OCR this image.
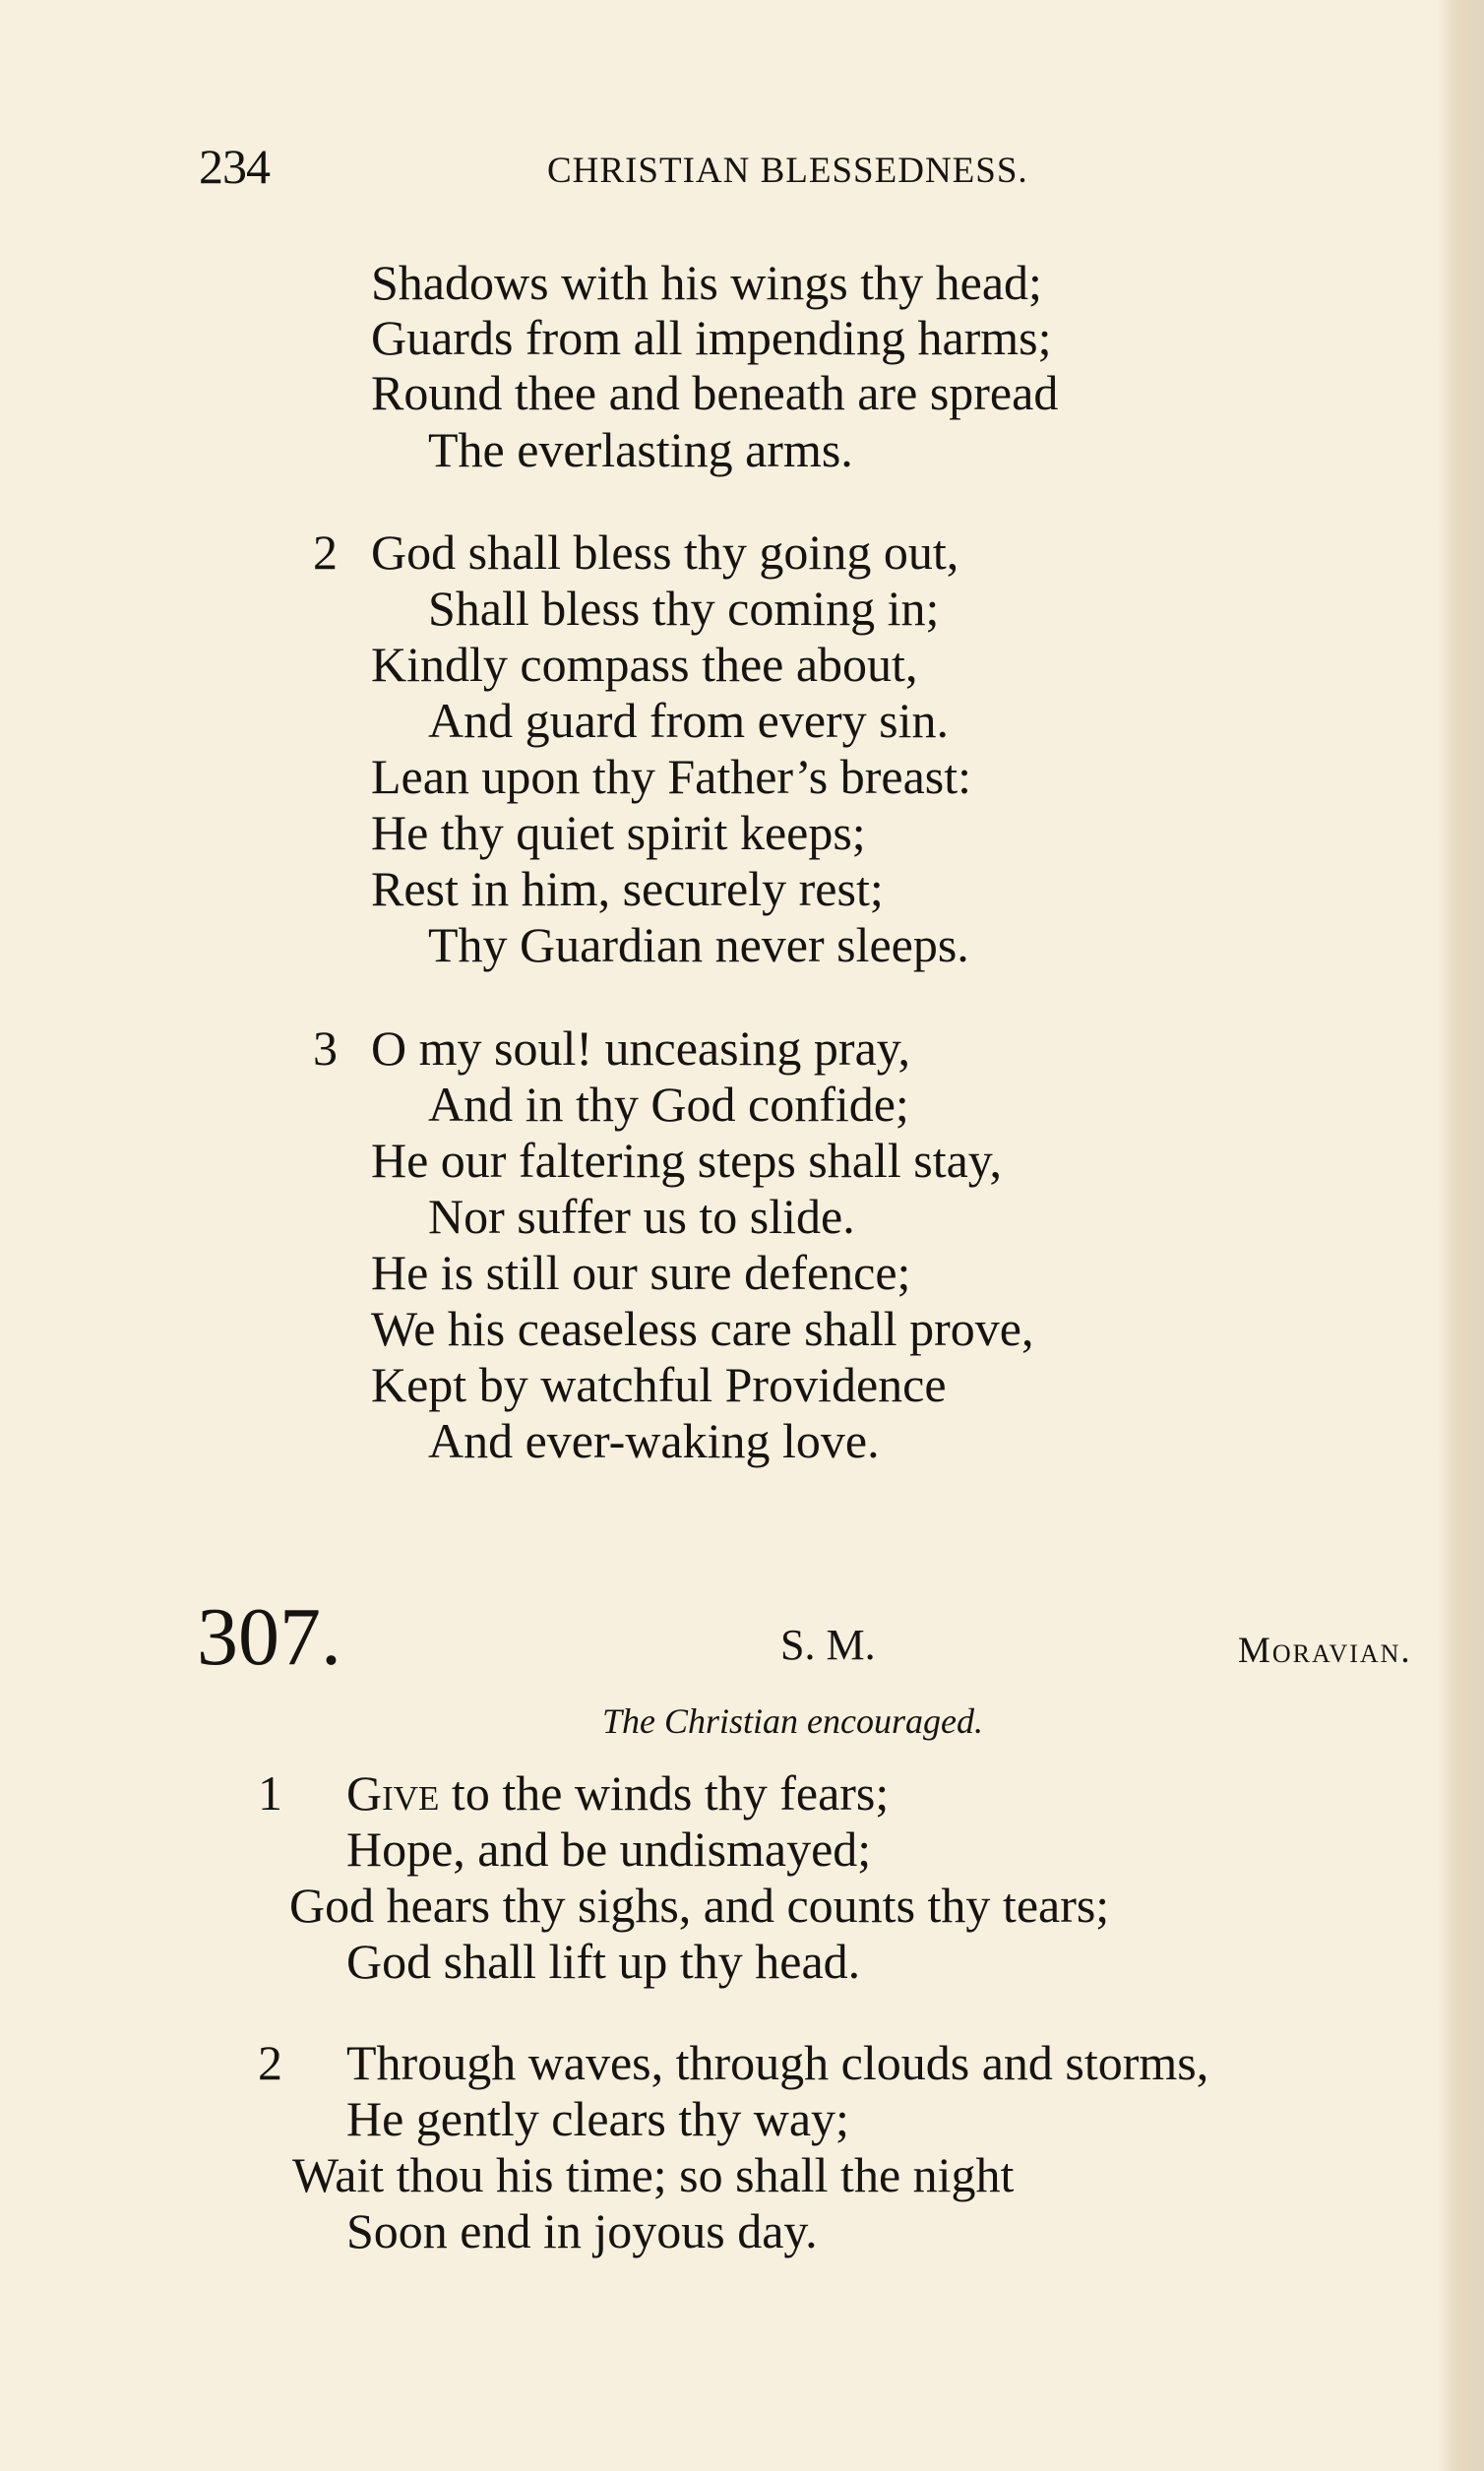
234	CHRISTIAN BLESSEDNESS.
Shadows with his wings thy head;
Guards from all impending harms;
Round thee and beneath are spread
The everlasting arms.
2 God shall bless thy going out,
Shall bless thy coming in;
Kindly compass thee about,
And guard from every sin.
Lean upon thy Father’s breast:
He thy quiet spirit keeps;
Rest in him, securely rest;
Thy Guardian never sleeps.
3 O my soul! unceasing pray,
And in thy God confide;
He our faltering steps shall stay,
Nor suffer us to slide.
He is still our sure defence;
We his ceaseless care shall prove,
Kept by watchful Providence
And ever-waking love.
307.	S. M.	Moravian.
The Christian encouraged.
1 Give to the winds thy fears;
Hope, and be undismayed;
God hears thy sighs, and counts thy tears;
God shall lift up thy head.
2 Through waves, through clouds and storms,
He gently clears thy way;
Wait thou his time; so shall the night
Soon end in joyous day.
